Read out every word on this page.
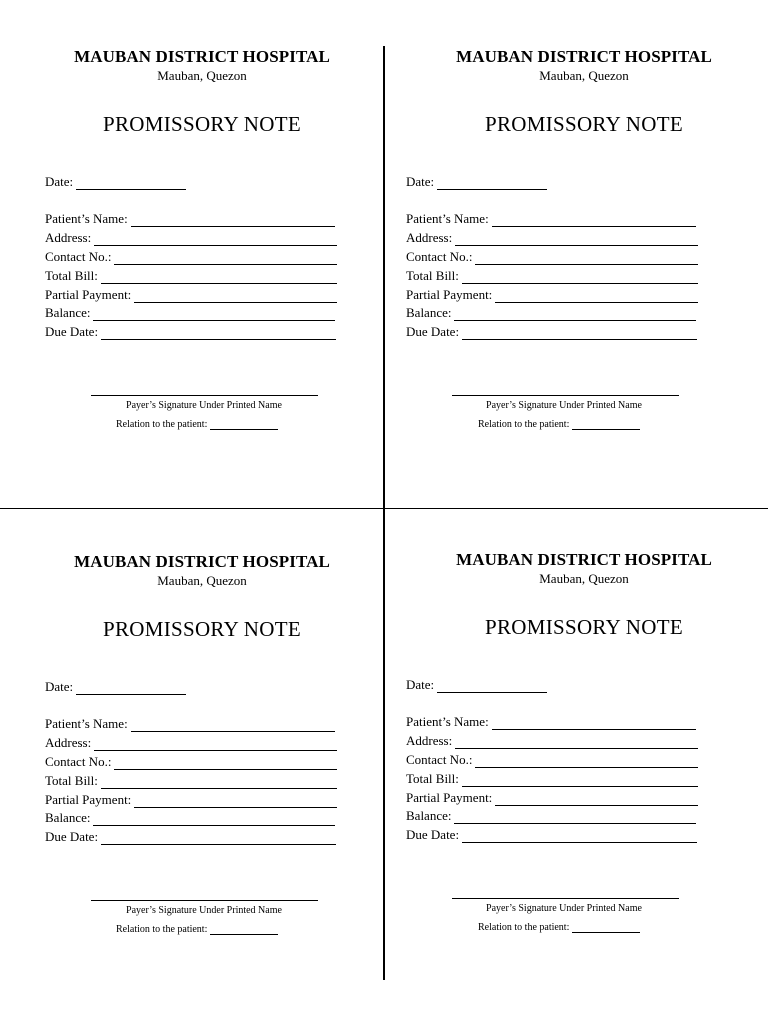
MAUBAN DISTRICT HOSPITAL
Mauban, Quezon
PROMISSORY NOTE
Date:
Patient’s Name:
Address:
Contact No.:
Total Bill:
Partial Payment:
Balance:
Due Date:
Payer’s Signature Under Printed Name
Relation to the patient:
MAUBAN DISTRICT HOSPITAL
Mauban, Quezon
PROMISSORY NOTE
Date:
Patient’s Name:
Address:
Contact No.:
Total Bill:
Partial Payment:
Balance:
Due Date:
Payer’s Signature Under Printed Name
Relation to the patient:
MAUBAN DISTRICT HOSPITAL
Mauban, Quezon
PROMISSORY NOTE
Date:
Patient’s Name:
Address:
Contact No.:
Total Bill:
Partial Payment:
Balance:
Due Date:
Payer’s Signature Under Printed Name
Relation to the patient:
MAUBAN DISTRICT HOSPITAL
Mauban, Quezon
PROMISSORY NOTE
Date:
Patient’s Name:
Address:
Contact No.:
Total Bill:
Partial Payment:
Balance:
Due Date:
Payer’s Signature Under Printed Name
Relation to the patient:
